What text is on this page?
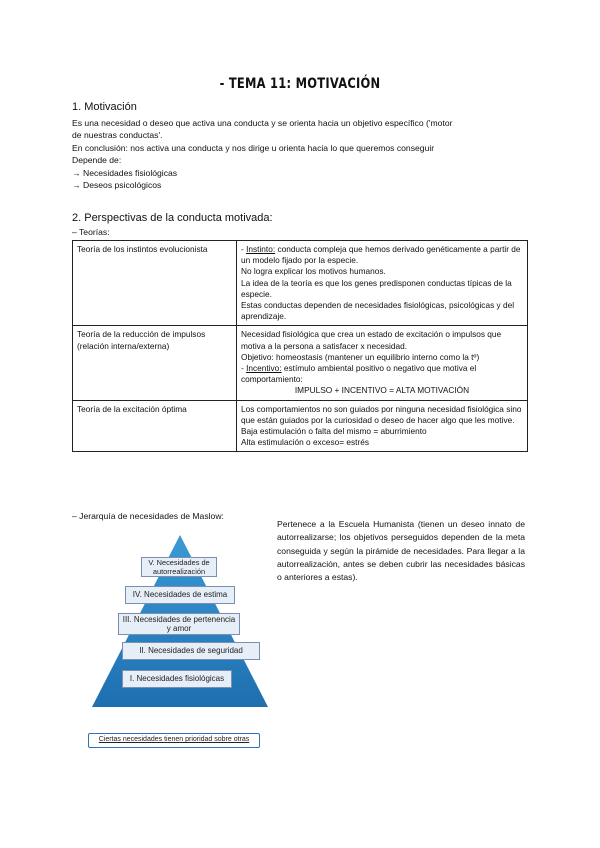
- TEMA 11: MOTIVACIÓN
1. Motivación
Es una necesidad o deseo que activa una conducta y se orienta hacia un objetivo específico ('motor
de nuestras conductas'.
En conclusión: nos activa una conducta y nos dirige u orienta hacia lo que queremos conseguir
Depende de:
→ Necesidades fisiológicas
→ Deseos psicológicos
2. Perspectivas de la conducta motivada:
– Teorías:
Teoría de los instintos evolucionista	- Instinto: conducta compleja que hemos derivado genéticamente a partir de un modelo fijado por la especie.
No logra explicar los motivos humanos.
La idea de la teoría es que los genes predisponen conductas típicas de la especie.
Estas conductas dependen de necesidades fisiológicas, psicológicas y del aprendizaje.

Teoría de la reducción de impulsos (relación interna/externa)	Necesidad fisiológica que crea un estado de excitación o impulsos que motiva a la persona a satisfacer x necesidad.
Objetivo: homeostasis (mantener un equilibrio interno como la tº)
- Incentivo: estímulo ambiental positivo o negativo que motiva el comportamiento:
IMPULSO + INCENTIVO = ALTA MOTIVACIÓN

Teoría de la excitación óptima	Los comportamientos no son guiados por ninguna necesidad fisiológica sino que están guiados por la curiosidad o deseo de hacer algo que les motive.
Baja estimulación o falta del mismo = aburrimiento
Alta estimulación o exceso= estrés
– Jerarquía de necesidades de Maslow:
V. Necesidades de autorrealización
IV. Necesidades de estima
III. Necesidades de pertenencia y amor
II. Necesidades de seguridad
I. Necesidades fisiológicas
Ciertas necesidades tienen prioridad sobre otras
Pertenece a la Escuela Humanista (tienen un deseo innato de autorrealizarse; los objetivos perseguidos dependen de la meta conseguida y según la pirámide de necesidades. Para llegar a la autorrealización, antes se deben cubrir las necesidades básicas o anteriores a estas).
